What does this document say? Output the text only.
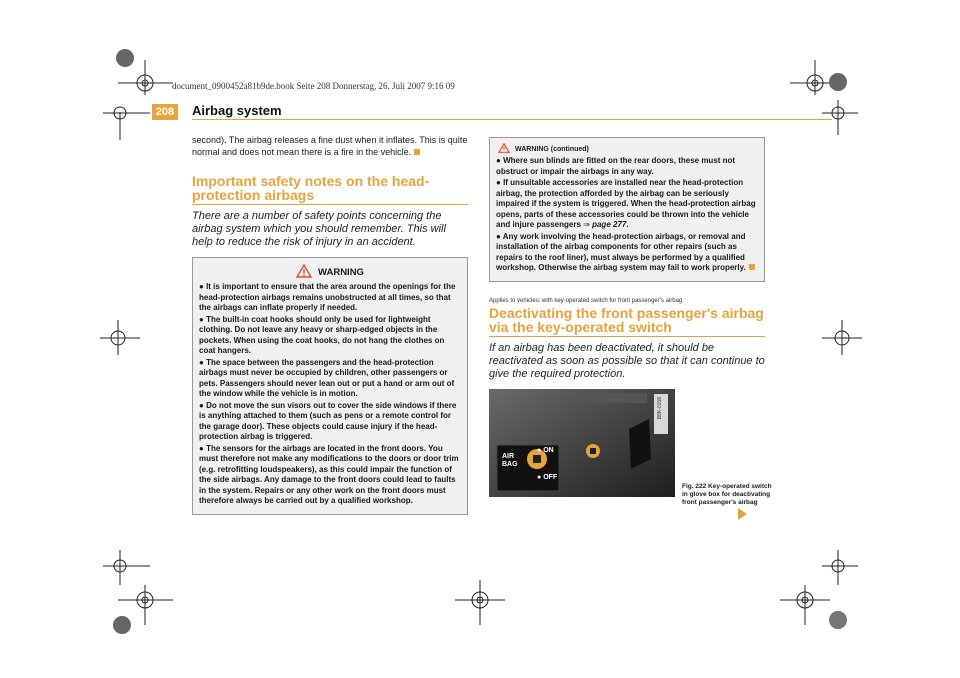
document_0900452a81b9de.book Seite 208 Donnerstag, 26. Juli 2007 9:16 09
208 Airbag system

second). The airbag releases a fine dust when it inflates. This is quite normal and does not mean there is a fire in the vehicle.

Important safety notes on the head-protection airbags

There are a number of safety points concerning the airbag system which you should remember. This will help to reduce the risk of injury in an accident.

WARNING
● It is important to ensure that the area around the openings for the head-protection airbags remains unobstructed at all times, so that the airbags can inflate properly if needed.
● The built-in coat hooks should only be used for lightweight clothing. Do not leave any heavy or sharp-edged objects in the pockets. When using the coat hooks, do not hang the clothes on coat hangers.
● The space between the passengers and the head-protection airbags must never be occupied by children, other passengers or pets. Passengers should never lean out or put a hand or arm out of the window while the vehicle is in motion.
● Do not move the sun visors out to cover the side windows if there is anything attached to them (such as pens or a remote control for the garage door). These objects could cause injury if the head-protection airbag is triggered.
● The sensors for the airbags are located in the front doors. You must therefore not make any modifications to the doors or door trim (e.g. retrofitting loudspeakers), as this could impair the function of the side airbags. Any damage to the front doors could lead to faults in the system. Repairs or any other work on the front doors must therefore always be carried out by a qualified workshop.
WARNING (continued)
● Where sun blinds are fitted on the rear doors, these must not obstruct or impair the airbags in any way.
● If unsuitable accessories are installed near the head-protection airbag, the protection afforded by the airbag can be seriously impaired if the system is triggered. When the head-protection airbag opens, parts of these accessories could be thrown into the vehicle and injure passengers ⇒ page 277.
● Any work involving the head-protection airbags, or removal and installation of the airbag components for other repairs (such as repairs to the roof liner), must always be performed by a qualified workshop. Otherwise the airbag system may fail to work properly.

Applies to vehicles: with key-operated switch for front passenger's airbag

Deactivating the front passenger's airbag via the key-operated switch

If an airbag has been deactivated, it should be reactivated as soon as possible so that it can continue to give the required protection.

AIR
BAG
● ON
● OFF
B8K-0158
Fig. 222 Key-operated switch in glove box for deactivating front passenger's airbag
